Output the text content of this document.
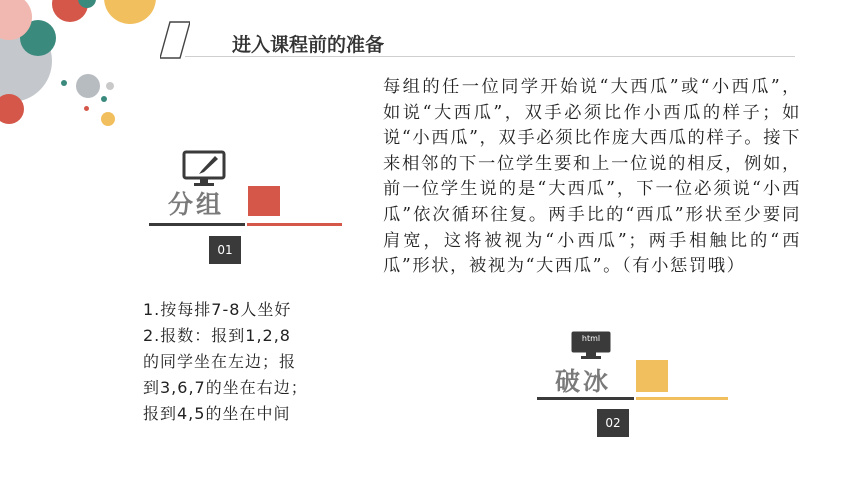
进入课程前的准备
每组的任一位同学开始说“大西瓜”或“小西瓜”，如说“大西瓜”，双手必须比作小西瓜的样子；如说“小西瓜”，双手必须比作庞大西瓜的样子。接下来相邻的下一位学生要和上一位说的相反，例如，前一位学生说的是“大西瓜”，下一位必须说“小西瓜”依次循环往复。两手比的“西瓜”形状至少要同肩宽，这将被视为“小西瓜”；两手相触比的“西瓜”形状，被视为“大西瓜”。（有小惩罚哦）
分组
01
1.按每排7-8人坐好
2.报数：报到1,2,8
的同学坐在左边；报
到3,6,7的坐在右边；
报到4,5的坐在中间
html
破冰
02
